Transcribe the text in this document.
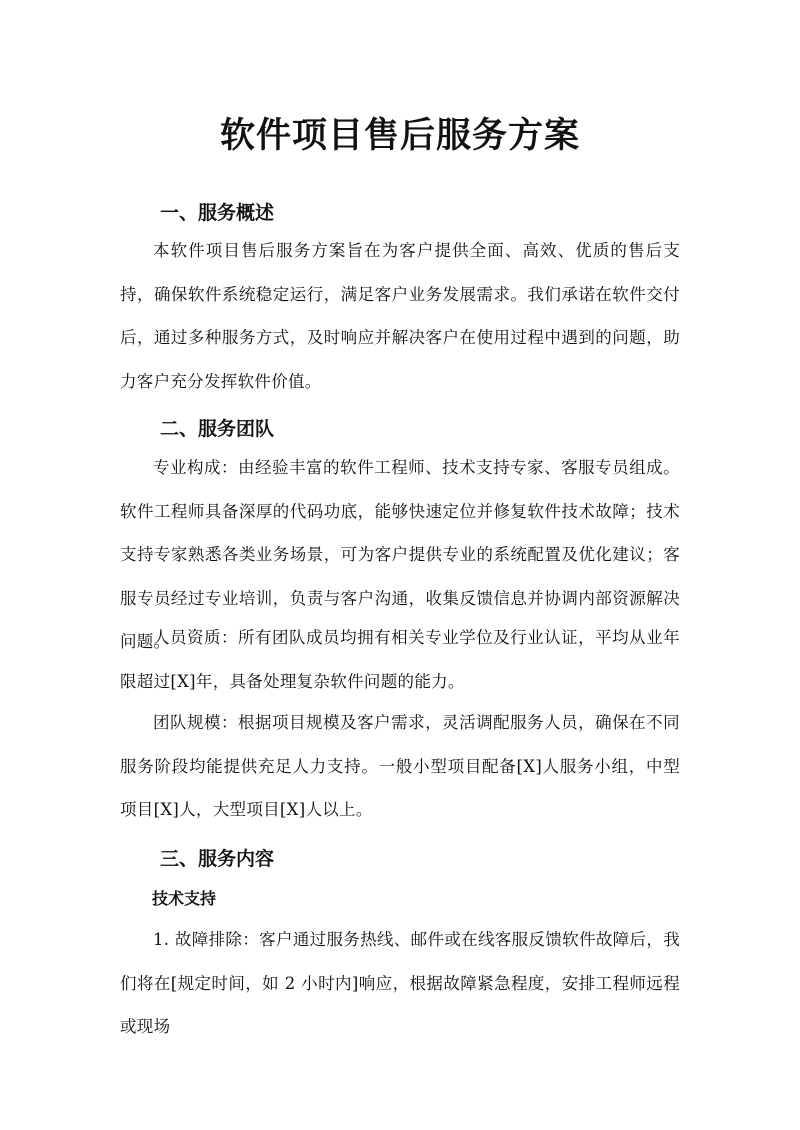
软件项目售后服务方案
一、服务概述

本软件项目售后服务方案旨在为客户提供全面、高效、优质的售后支持，确保软件系统稳定运行，满足客户业务发展需求。我们承诺在软件交付后，通过多种服务方式，及时响应并解决客户在使用过程中遇到的问题，助力客户充分发挥软件价值。

二、服务团队

专业构成：由经验丰富的软件工程师、技术支持专家、客服专员组成。软件工程师具备深厚的代码功底，能够快速定位并修复软件技术故障；技术支持专家熟悉各类业务场景，可为客户提供专业的系统配置及优化建议；客服专员经过专业培训，负责与客户沟通，收集反馈信息并协调内部资源解决问题。

人员资质：所有团队成员均拥有相关专业学位及行业认证，平均从业年限超过[X]年，具备处理复杂软件问题的能力。

团队规模：根据项目规模及客户需求，灵活调配服务人员，确保在不同服务阶段均能提供充足人力支持。一般小型项目配备[X]人服务小组，中型项目[X]人，大型项目[X]人以上。

三、服务内容
技术支持

1. 故障排除：客户通过服务热线、邮件或在线客服反馈软件故障后，我们将在[规定时间，如 2 小时内]响应，根据故障紧急程度，安排工程师远程或现场
